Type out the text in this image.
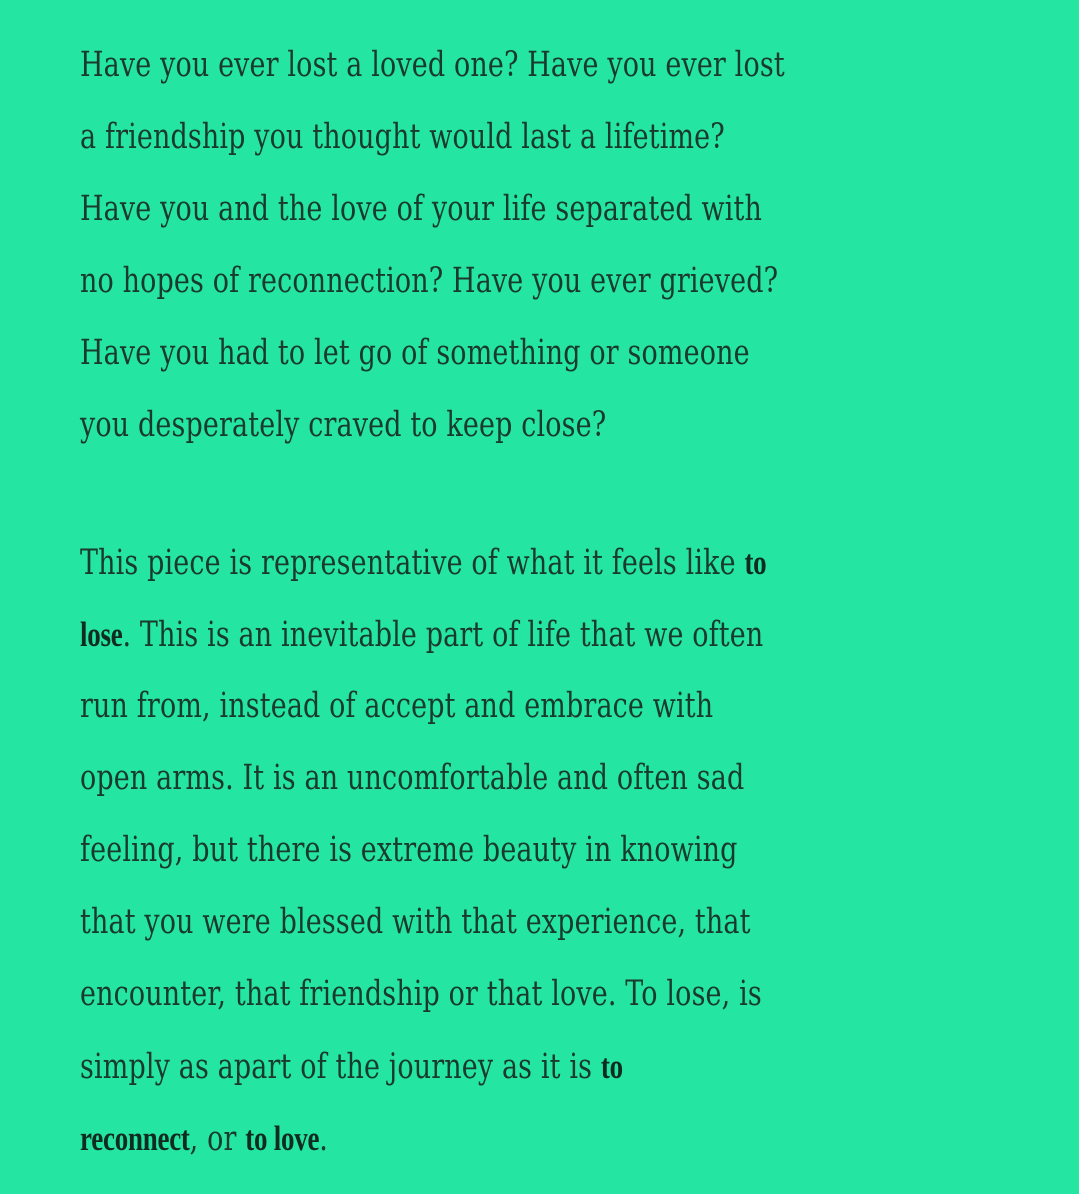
Have you ever lost a loved one? Have you ever lost
a friendship you thought would last a lifetime?
Have you and the love of your life separated with
no hopes of reconnection? Have you ever grieved?
Have you had to let go of something or someone
you desperately craved to keep close?
This piece is representative of what it feels like to
lose. This is an inevitable part of life that we often
run from, instead of accept and embrace with
open arms. It is an uncomfortable and often sad
feeling, but there is extreme beauty in knowing
that you were blessed with that experience, that
encounter, that friendship or that love. To lose, is
simply as apart of the journey as it is to
reconnect, or to love.
